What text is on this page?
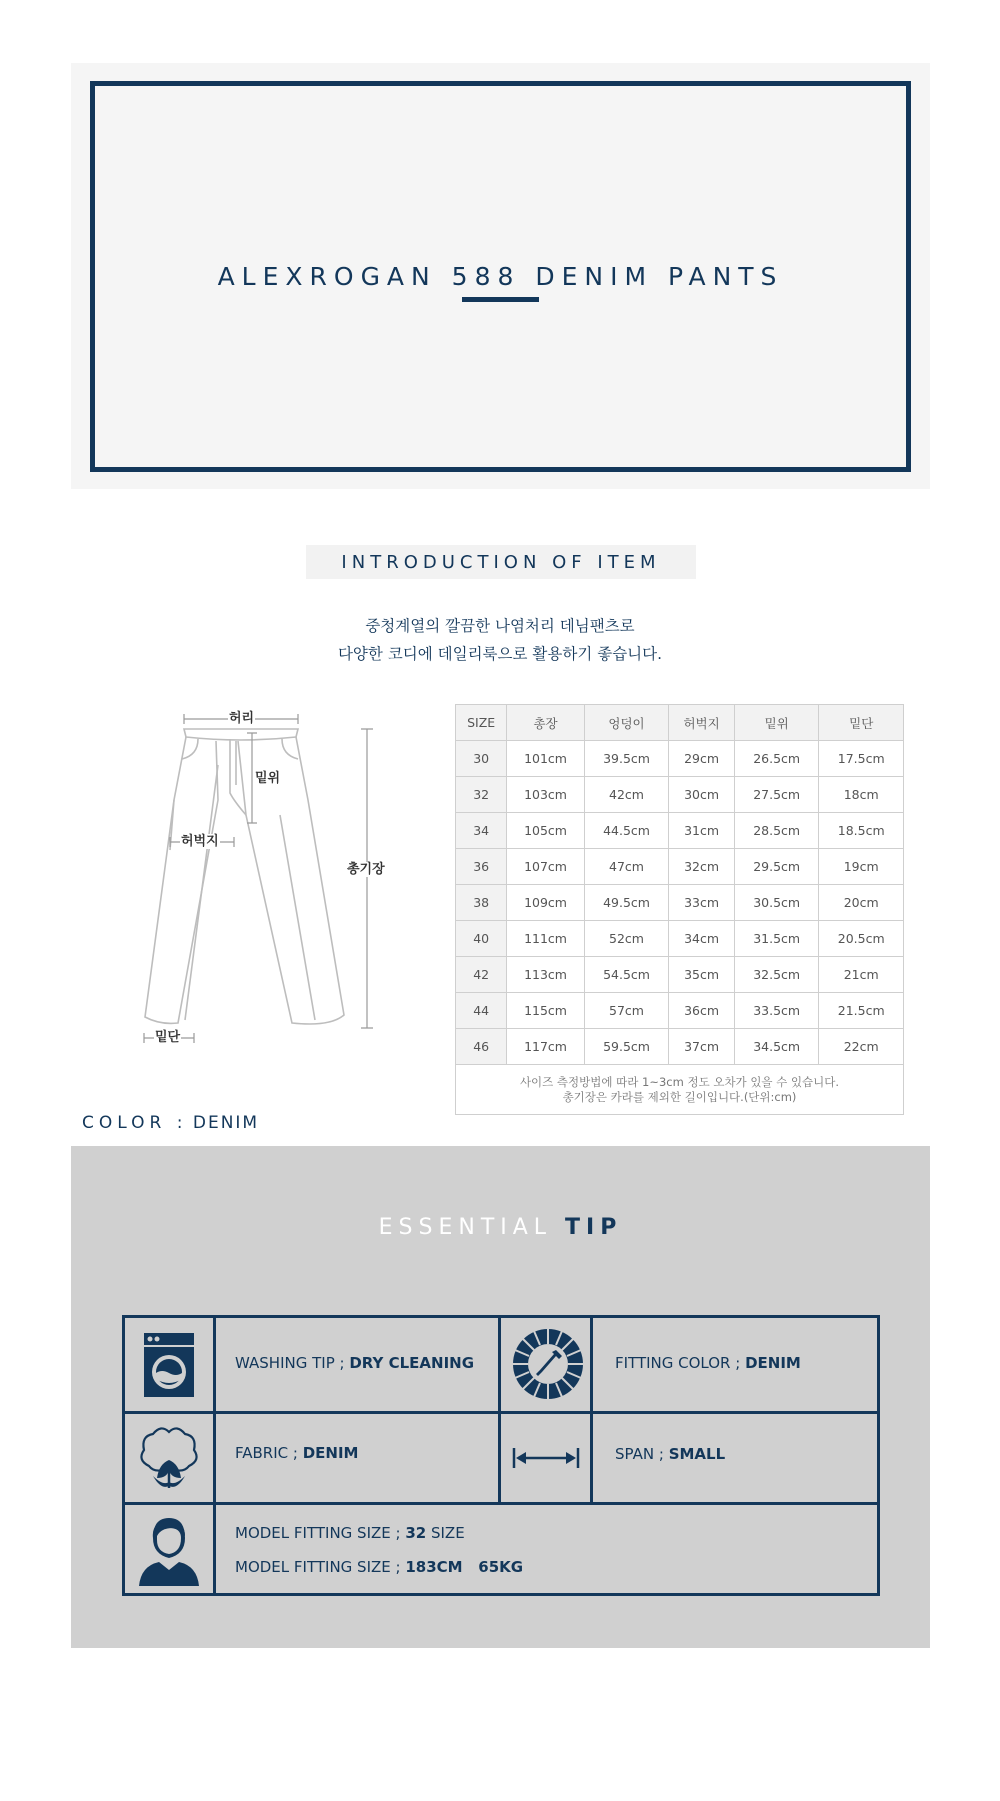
ALEXROGAN 588 DENIM PANTS
INTRODUCTION OF ITEM
중청계열의 깔끔한 나염처리 데님팬츠로
다양한 코디에 데일리룩으로 활용하기 좋습니다.
허리
밑위
허벅지
총기장
밑단
SIZE	총장	엉덩이	허벅지	밑위	밑단
30	101cm	39.5cm	29cm	26.5cm	17.5cm
32	103cm	42cm	30cm	27.5cm	18cm
34	105cm	44.5cm	31cm	28.5cm	18.5cm
36	107cm	47cm	32cm	29.5cm	19cm
38	109cm	49.5cm	33cm	30.5cm	20cm
40	111cm	52cm	34cm	31.5cm	20.5cm
42	113cm	54.5cm	35cm	32.5cm	21cm
44	115cm	57cm	36cm	33.5cm	21.5cm
46	117cm	59.5cm	37cm	34.5cm	22cm

사이즈 측정방법에 따라 1~3cm 정도 오차가 있을 수 있습니다.
총기장은 카라를 제외한 길이입니다.(단위:cm)					
COLOR : DENIM
ESSENTIAL TIP
WASHING TIP ; DRY CLEANING	FITTING COLOR ; DENIM
FABRIC ; DENIM	SPAN ; SMALL
MODEL FITTING SIZE ; 32 SIZE
MODEL FITTING SIZE ; 183CM   65KG
